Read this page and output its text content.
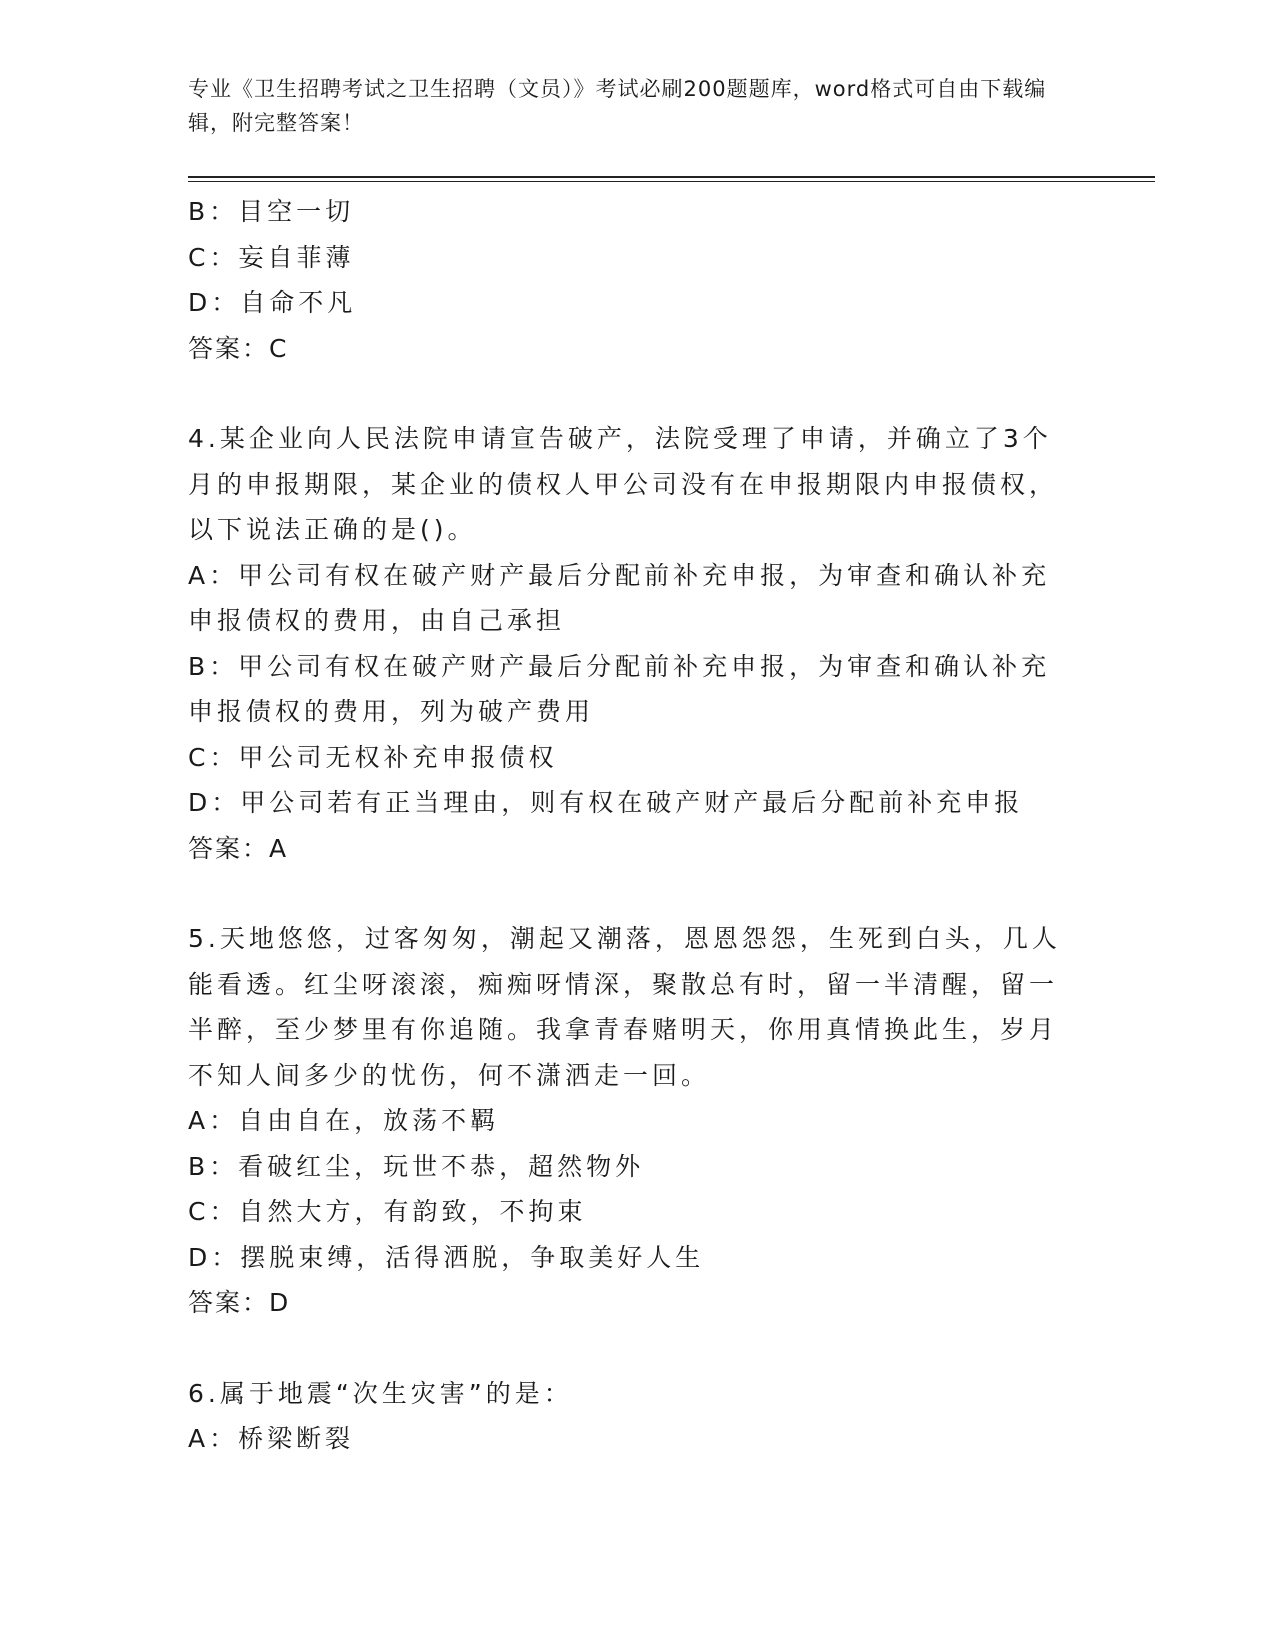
专业《卫生招聘考试之卫生招聘（文员）》考试必刷200题题库，word格式可自由下载编辑，附完整答案！

B：目空一切

C：妄自菲薄

D：自命不凡

答案：C

4.某企业向人民法院申请宣告破产，法院受理了申请，并确立了3个月的申报期限，某企业的债权人甲公司没有在申报期限内申报债权，以下说法正确的是()。

A：甲公司有权在破产财产最后分配前补充申报，为审查和确认补充申报债权的费用，由自己承担

B：甲公司有权在破产财产最后分配前补充申报，为审查和确认补充申报债权的费用，列为破产费用

C：甲公司无权补充申报债权

D：甲公司若有正当理由，则有权在破产财产最后分配前补充申报

答案：A

5.天地悠悠，过客匆匆，潮起又潮落，恩恩怨怨，生死到白头，几人能看透。红尘呀滚滚，痴痴呀情深，聚散总有时，留一半清醒，留一半醉，至少梦里有你追随。我拿青春赌明天，你用真情换此生，岁月不知人间多少的忧伤，何不潇洒走一回。

A：自由自在，放荡不羁

B：看破红尘，玩世不恭，超然物外

C：自然大方，有韵致，不拘束

D：摆脱束缚，活得洒脱，争取美好人生

答案：D

6.属于地震“次生灾害”的是：

A：桥梁断裂
